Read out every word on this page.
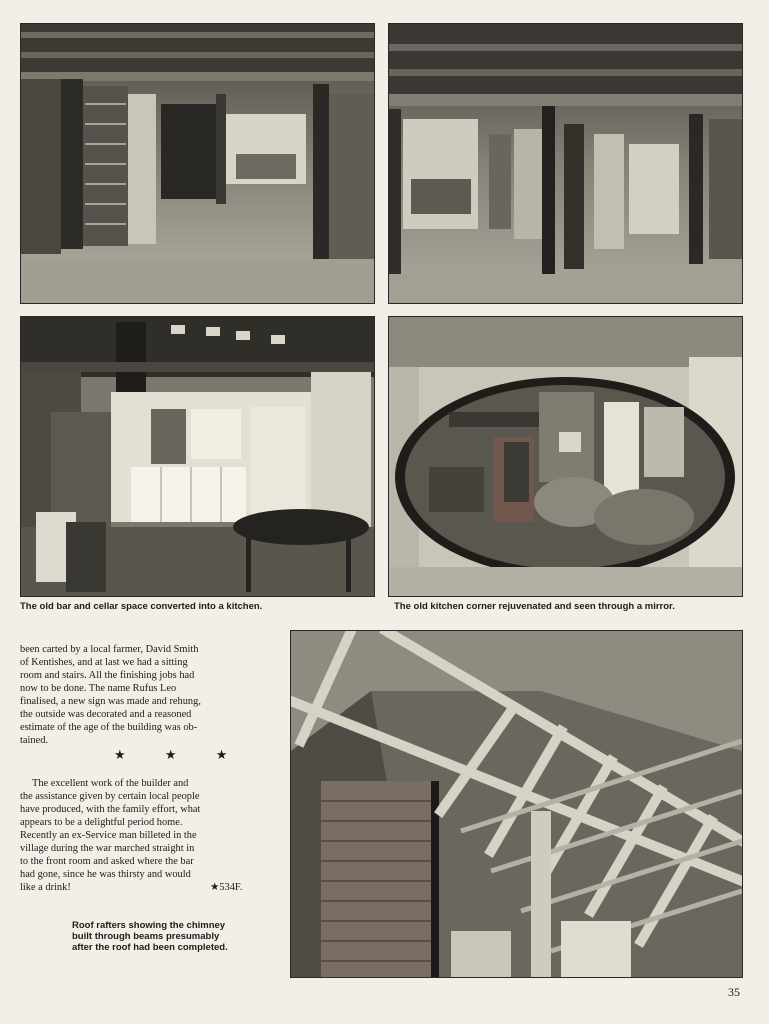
The old bar and cellar space converted into a kitchen.	The old kitchen corner rejuvenated and seen through a mirror.

been carted by a local farmer, David Smith

of Kentishes, and at last we had a sitting

room and stairs. All the finishing jobs had

now to be done. The name Rufus Leo

finalised, a new sign was made and rehung,

the outside was decorated and a reasoned

estimate of the age of the building was ob-

tained.

★ ★ ★

The excellent work of the builder and

the assistance given by certain local people

have produced, with the family effort, what

appears to be a delightful period home.

Recently an ex-Service man billeted in the

village during the war marched straight in

to the front room and asked where the bar

had gone, since he was thirsty and would

like a drink!	★534F.

Roof rafters showing the chimney
built through beams presumably
after the roof had been completed.
35
